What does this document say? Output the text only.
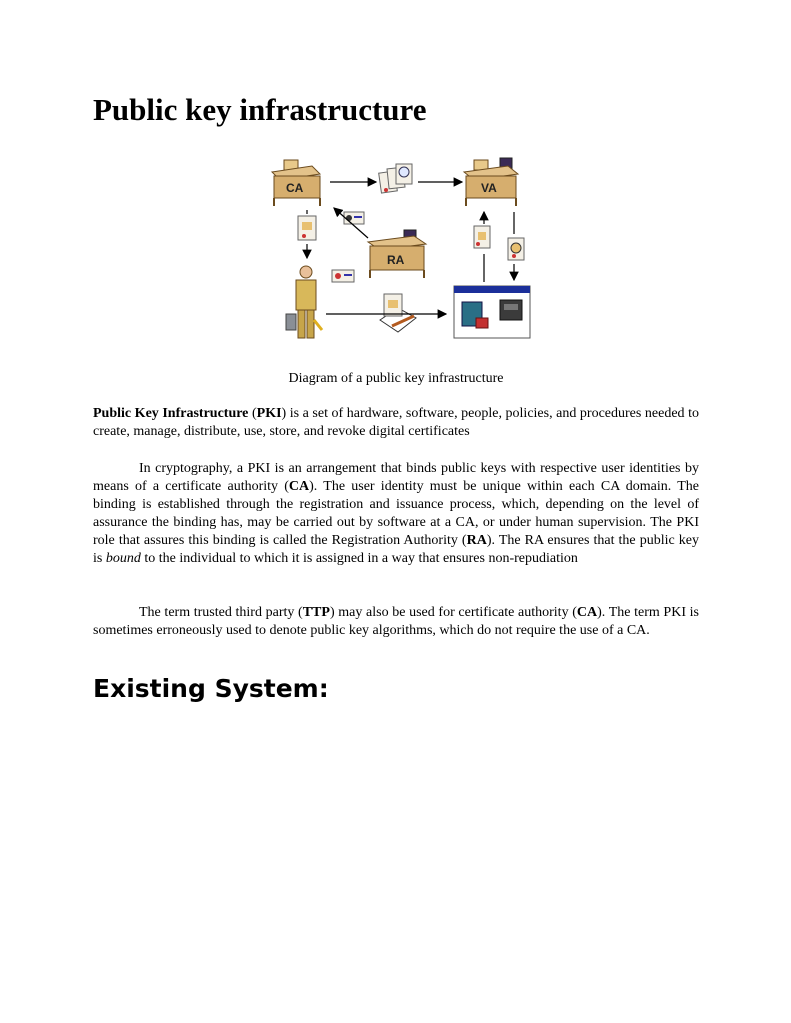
Public key infrastructure
CA	VA
RA
Diagram of a public key infrastructure

Public Key Infrastructure (PKI) is a set of hardware, software, people, policies, and procedures needed to create, manage, distribute, use, store, and revoke digital certificates

In cryptography, a PKI is an arrangement that binds public keys with respective user identities by means of a certificate authority (CA). The user identity must be unique within each CA domain. The binding is established through the registration and issuance process, which, depending on the level of assurance the binding has, may be carried out by software at a CA, or under human supervision. The PKI role that assures this binding is called the Registration Authority (RA). The RA ensures that the public key is bound to the individual to which it is assigned in a way that ensures non-repudiation

The term trusted third party (TTP) may also be used for certificate authority (CA). The term PKI is sometimes erroneously used to denote public key algorithms, which do not require the use of a CA.

Existing System:
